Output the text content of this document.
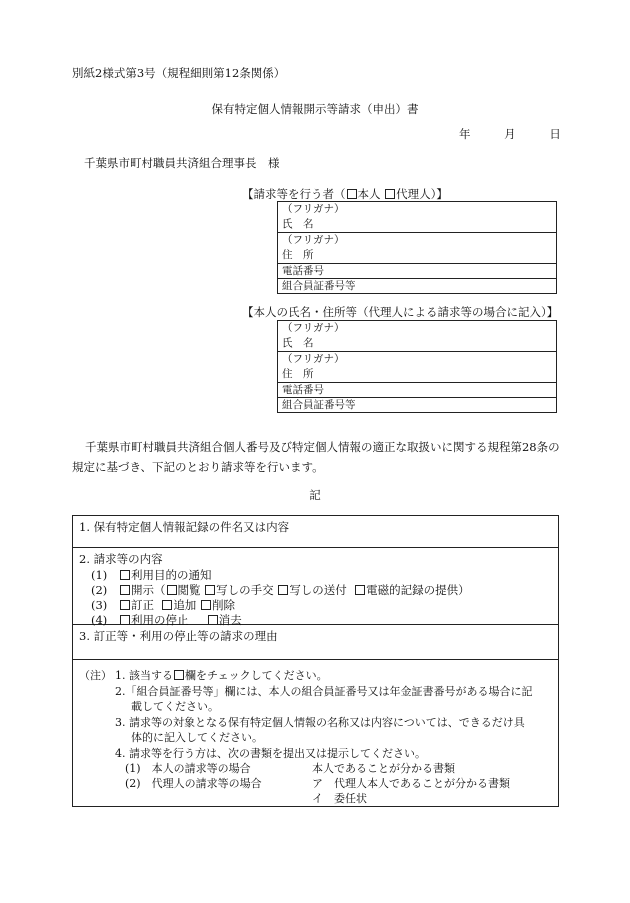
別紙2様式第3号（規程細則第12条関係）
保有特定個人情報開示等請求（申出）書
年	月	日
千葉県市町村職員共済組合理事長　様
【請求等を行う者（ 本人 代理人）】
（フリガナ）
氏　名

（フリガナ）
住　所
電話番号
組合員証番号等
【本人の氏名・住所等（代理人による請求等の場合に記入）】
（フリガナ）
氏　名

（フリガナ）
住　所
電話番号
組合員証番号等
千葉県市町村職員共済組合個人番号及び特定個人情報の適正な取扱いに関する規程第28条の規定に基づき、下記のとおり請求等を行います。
記
1. 保有特定個人情報記録の件名又は内容
2. 請求等の内容
(1) 利用目的の通知
(2) 開示（ 閲覧 写しの手交 写しの送付 電磁的記録の提供）
(3) 訂正 追加 削除
(4) 利用の停止	消去
3. 訂正等・利用の停止等の請求の理由
（注） 1. 該当する 欄をチェックしてください。
2.「組合員証番号等」欄には、本人の組合員証番号又は年金証書番号がある場合に記
載してください。
3. 請求等の対象となる保有特定個人情報の名称又は内容については、できるだけ具
体的に記入してください。
4. 請求等を行う方は、次の書類を提出又は提示してください。
(1)　本人の請求等の場合	本人であることが分かる書類
(2)　代理人の請求等の場合	ア　代理人本人であることが分かる書類
イ　委任状
